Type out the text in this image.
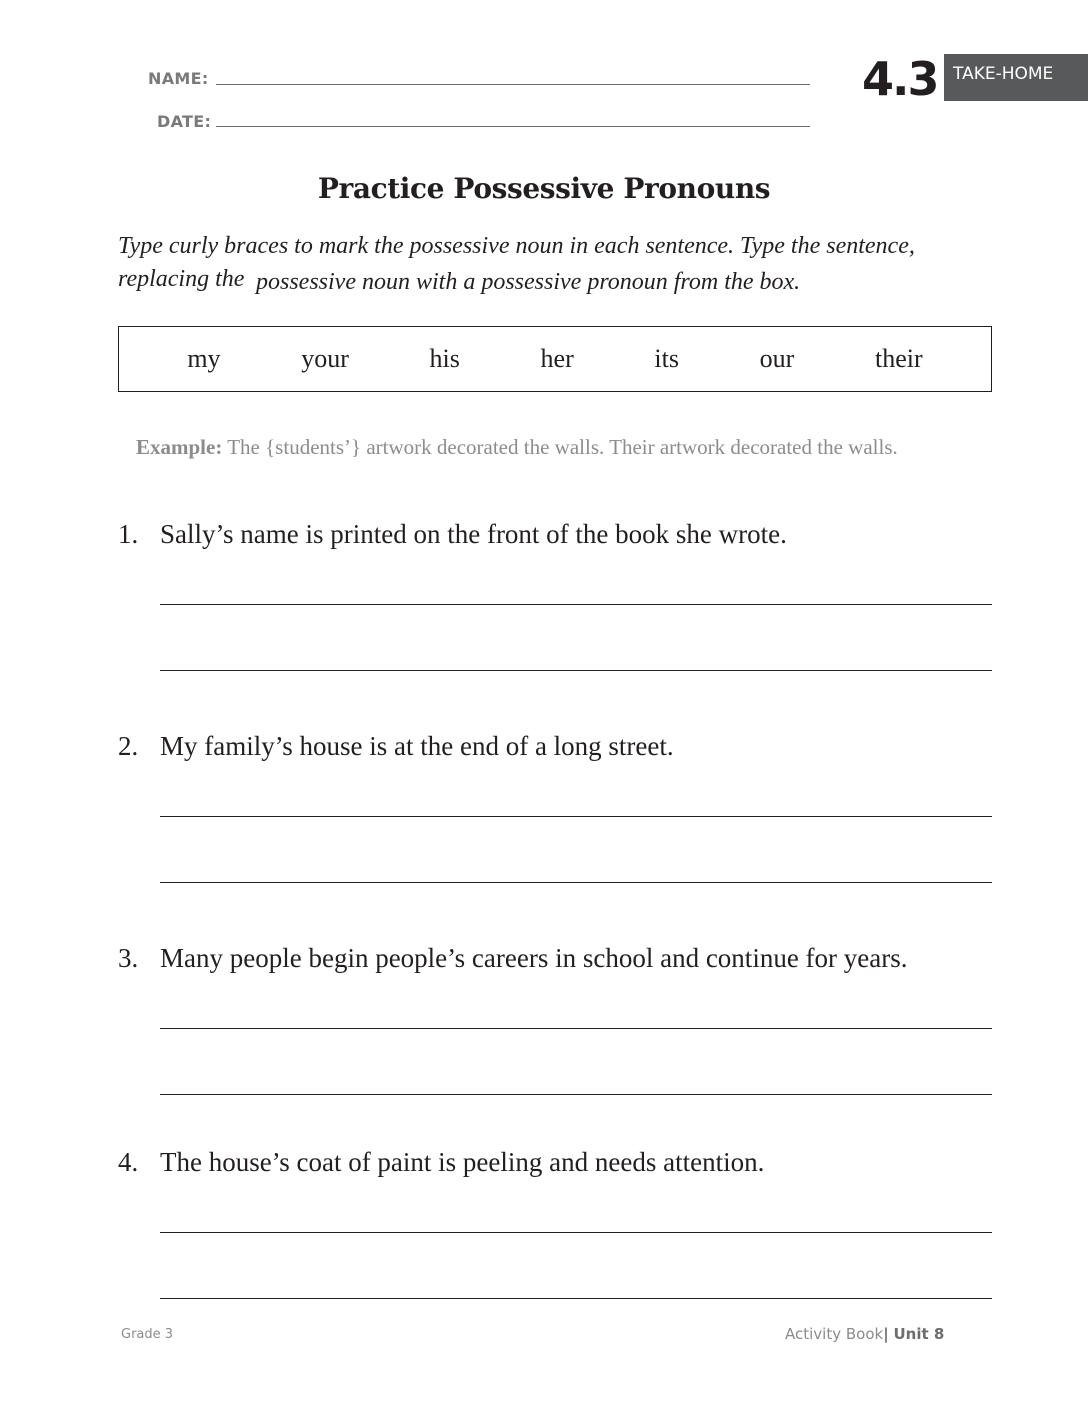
NAME:
DATE:
4.3 TAKE-HOME
Practice Possessive Pronouns
Type curly braces to mark the possessive noun in each sentence. Type the sentence,
replacing the possessive noun with a possessive pronoun from the box.
my	your	his	her	its	our	their
Example: The {students’} artwork decorated the walls. Their artwork decorated the walls.
1. Sally’s name is printed on the front of the book she wrote.
2. My family’s house is at the end of a long street.
3. Many people begin people’s careers in school and continue for years.
4. The house’s coat of paint is peeling and needs attention.
Grade 3	Activity Book| Unit 8
